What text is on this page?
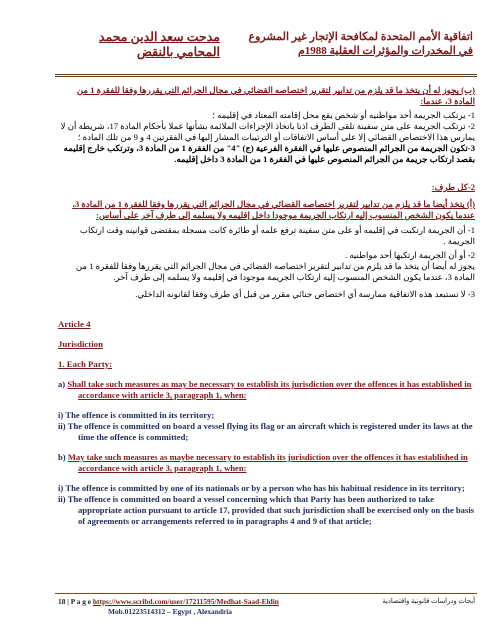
مدحت سعد الدين محمد
المحامي بالنقض
اتفاقية الأمم المتحدة لمكافحة الإتجار غير المشروع
في المخدرات والمؤثرات العقلية 1988م
(ب) يجوز له أن يتخذ ما قد يلزم من تدابير لتقرير اختصاصه القضائي في مجال الجرائم التي يقررها وفقا للفقرة 1 من المادة 3، عندما:
1- يرتكب الجريمة أحد مواطنيه أو شخص يقع محل إقامته المعتاد في إقليمه ؛
2- ترتكب الجريمة على متن سفينة تلقى الطرف اذنا باتخاذ الإجراءات الملائمة بشأنها عملا بأحكام المادة 17، شريطة أن لا يمارس هذا الاختصاص القضائي إلا على أساس الاتفاقات أو الترتيبات المشار إليها في الفقرتين 4 و 9 من تلك المادة ؛
3-تكون الجريمة من الجرائم المنصوص عليها في الفقرة الفرعية (ج) "4" من الفقرة 1 من المادة 3، وترتكب خارج إقليمه بقصد ارتكاب جريمة من الجرائم المنصوص عليها في الفقرة 1 من المادة 3 داخل إقليمه.
2-كل طرف:
(أ) يتخذ أيضا ما قد يلزم من تدابير لتقرير اختصاصه القضائي في مجال الجرائم التي يقررها وفقا للفقرة 1 من المادة 3، عندما يكون الشخص المنسوب إليه ارتكاب الجريمة موجودا داخل إقليمه ولا يسلمه إلى طرف آخر على أساس:
1- أن الجريمة ارتكبت في إقليمه أو على متن سفينة ترفع علمه أو طائرة كانت مسجلة بمقتضى قوانينه وقت ارتكاب الجريمة .
2- أو أن الجريمة ارتكبها أحد مواطنيه .
يجوز له أيضا أن يتخذ ما قد يلزم من تدابير لتقرير اختصاصه القضائي في مجال الجرائم التي يقررها وفقا للفقرة 1 من المادة 3، عندما يكون الشخص المنسوب إليه ارتكاب الجريمة موجودا في إقليمه ولا يسلمه إلى طرف آخر.
3- لا تستبعد هذه الاتفاقية ممارسة أي اختصاص جنائي مقرر من قبل أي طرف وفقا لقانونه الداخلي.
Article 4
Jurisdiction
1. Each Party:
a) Shall take such measures as may be necessary to establish its jurisdiction over the offences it has established in accordance with article 3, paragraph 1, when:
i) The offence is committed in its territory;
ii) The offence is committed on board a vessel flying its flag or an aircraft which is registered under its laws at the time the offence is committed;
b) May take such measures as maybe necessary to establish its jurisdiction over the offences it has established in accordance with article 3, paragraph 1, when:
i) The offence is committed by one of its nationals or by a person who has his habitual residence in its territory;
ii) The offence is committed on board a vessel concerning which that Party has been authorized to take appropriate action pursuant to article 17, provided that such jurisdiction shall be exercised only on the basis of agreements or arrangements referred to in paragraphs 4 and 9 of that article;
18 | P a g e https://www.scribd.com/user/17211595/Medhat-Saad-Eldin	أبحاث ودراسات قانونية واقتصادية
Mob.01223514312 – Egypt , Alexandria
